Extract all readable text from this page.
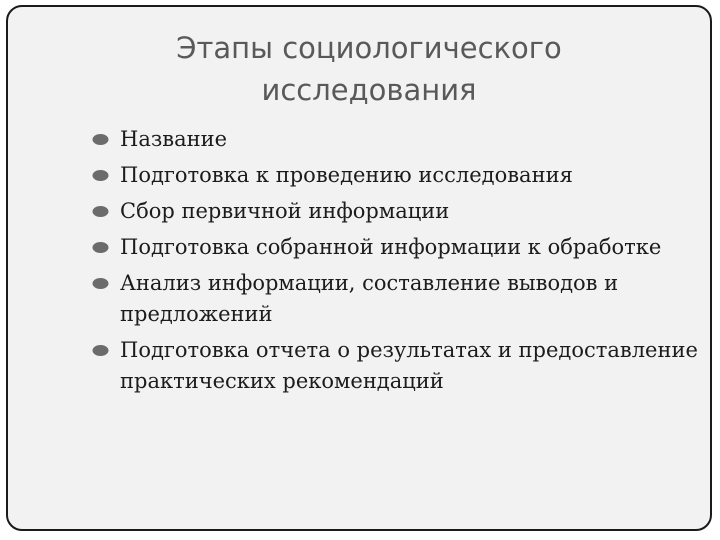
Этапы социологического
исследования
Название
Подготовка к проведению исследования
Сбор первичной информации
Подготовка собранной информации к обработке
Анализ информации, составление выводов и предложений
Подготовка отчета о результатах и предоставление практических рекомендаций
